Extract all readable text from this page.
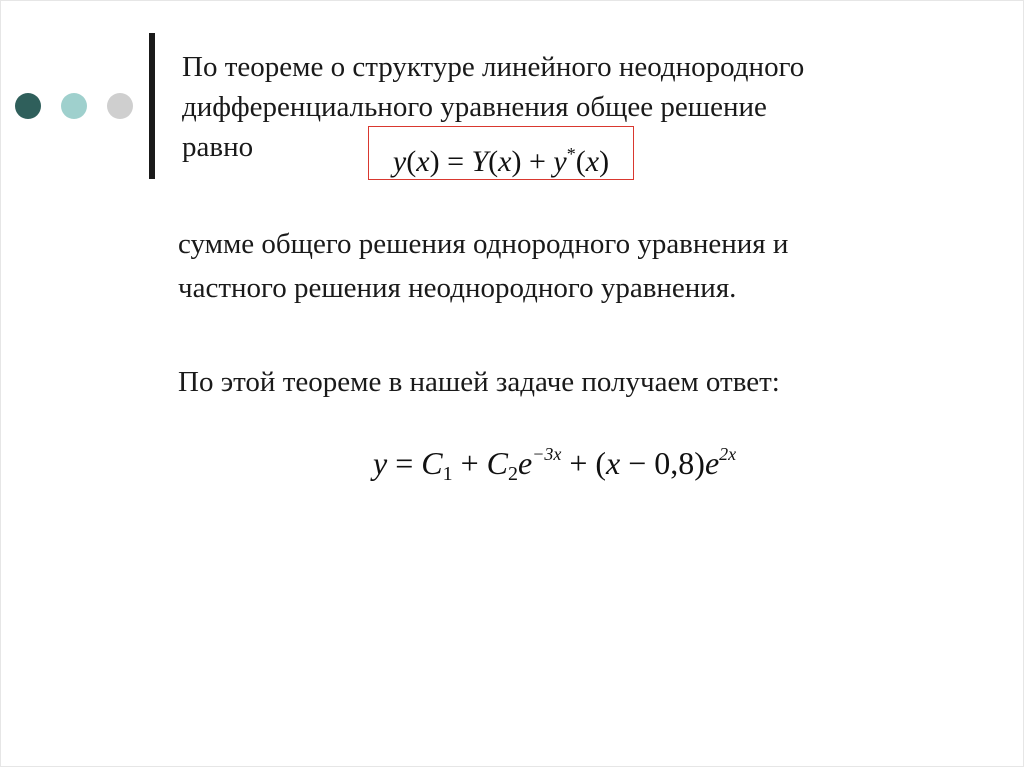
По теореме о структуре линейного неоднородного
дифференциального уравнения общее решение
равно	y(x) = Y(x) + y*(x)
сумме общего решения однородного уравнения и
частного решения неоднородного уравнения.
По этой теореме в нашей задаче получаем ответ:
$y = C_1 + C_2e^{-3x} + (x - 0,8)e^{2x}$
